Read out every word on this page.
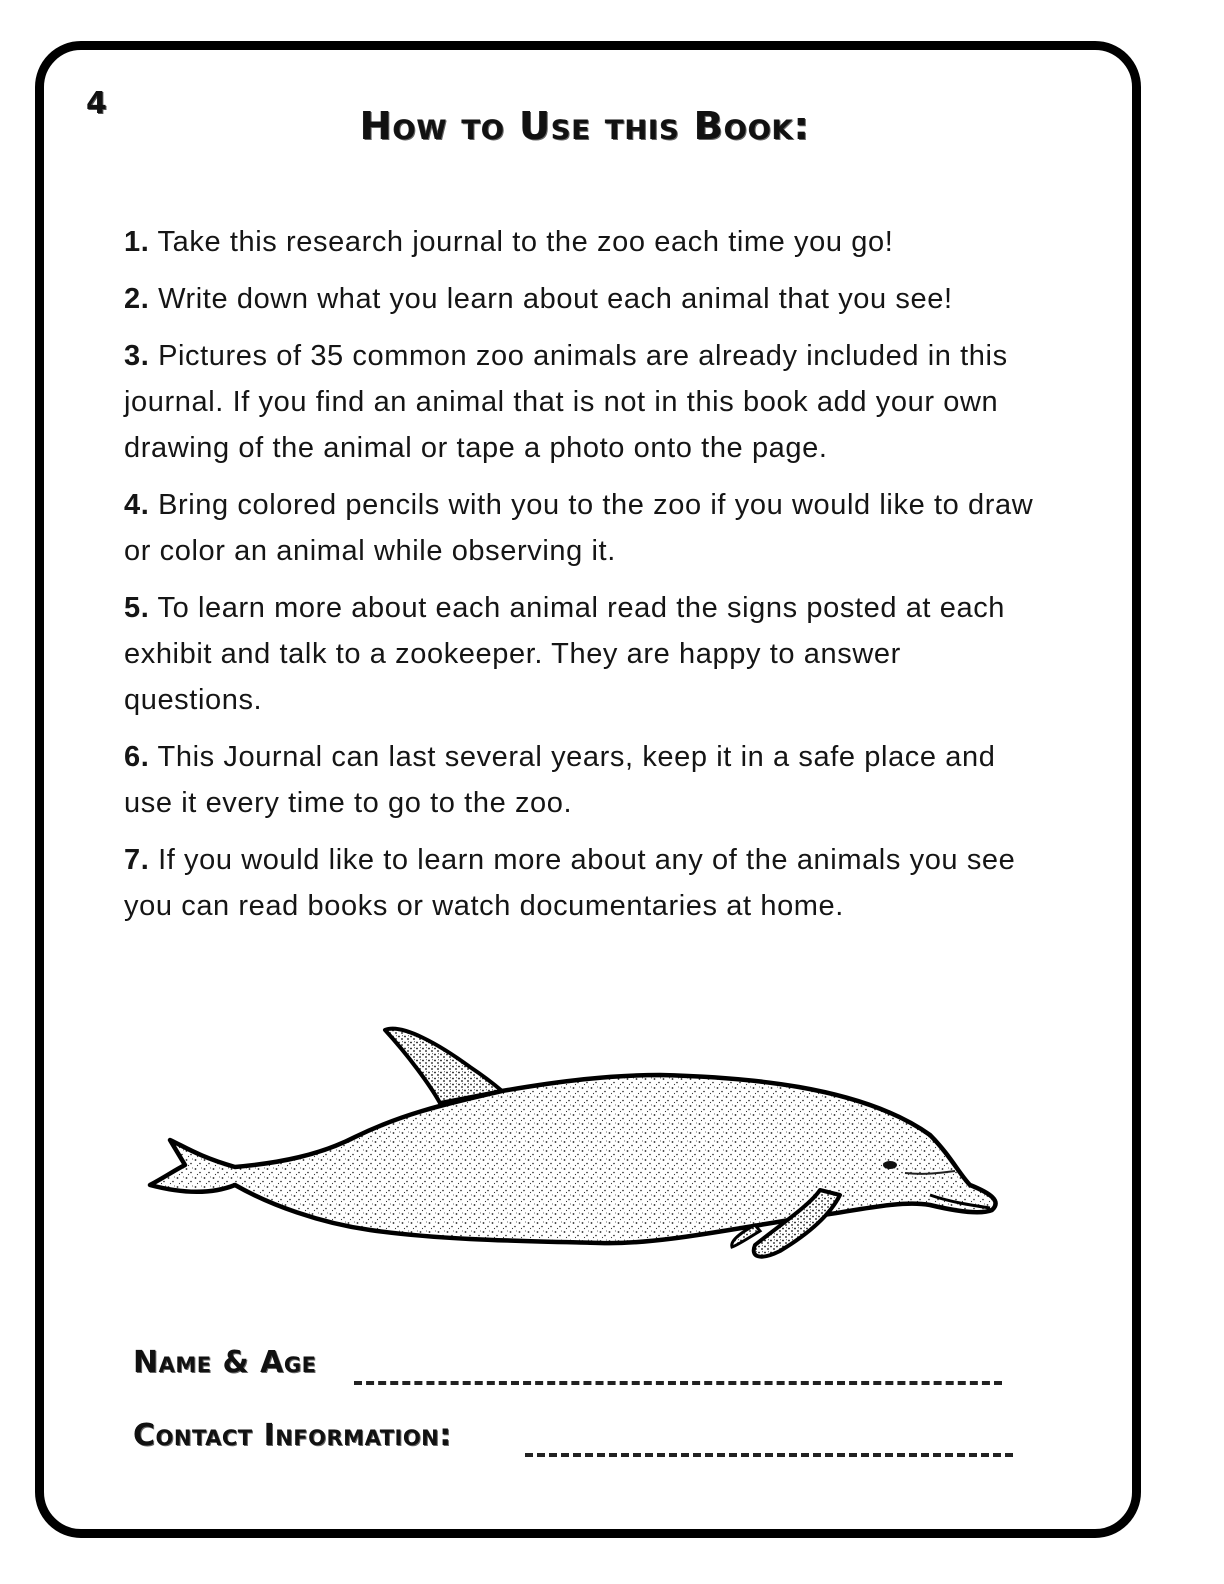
4
How to Use this Book:

1. Take this research journal to the zoo each time you go!

2. Write down what you learn about each animal that you see!

3. Pictures of 35 common zoo animals are already included in this journal. If you find an animal that is not in this book add your own drawing of the animal or tape a photo onto the page.

4. Bring colored pencils with you to the zoo if you would like to draw or color an animal while observing it.

5. To learn more about each animal read the signs posted at each exhibit and talk to a zookeeper. They are happy to answer questions.

6. This Journal can last several years, keep it in a safe place and use it every time to go to the zoo.

7. If you would like to learn more about any of the animals you see you can read books or watch documentaries at home.

Name & Age
Contact Information:
